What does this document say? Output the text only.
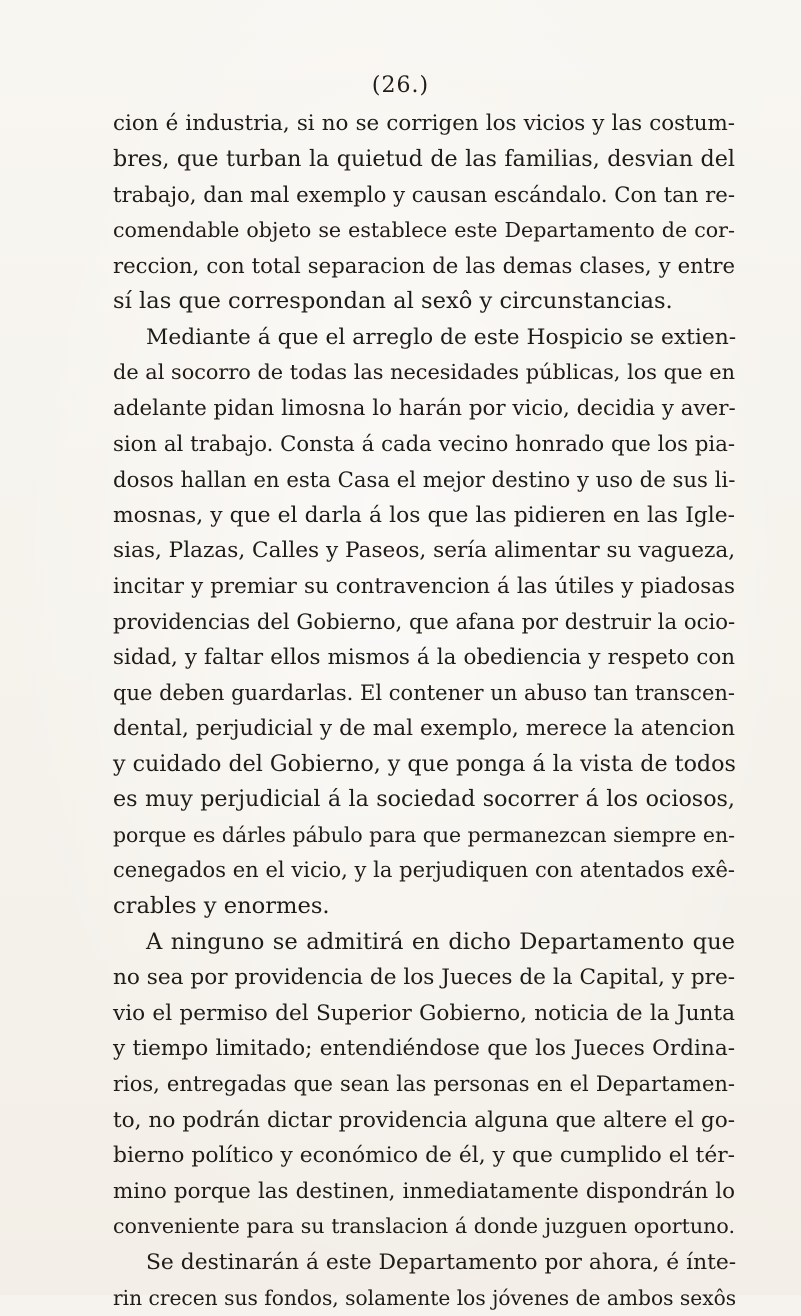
(26.)
cion é industria, si no se corrigen los vicios y las costum-
bres, que turban la quietud de las familias, desvian del
trabajo, dan mal exemplo y causan escándalo. Con tan re-
comendable objeto se establece este Departamento de cor-
reccion, con total separacion de las demas clases, y entre
sí las que correspondan al sexô y circunstancias.
Mediante á que el arreglo de este Hospicio se extien-
de al socorro de todas las necesidades públicas, los que en
adelante pidan limosna lo harán por vicio, decidia y aver-
sion al trabajo. Consta á cada vecino honrado que los pia-
dosos hallan en esta Casa el mejor destino y uso de sus li-
mosnas, y que el darla á los que las pidieren en las Igle-
sias, Plazas, Calles y Paseos, sería alimentar su vagueza,
incitar y premiar su contravencion á las útiles y piadosas
providencias del Gobierno, que afana por destruir la ocio-
sidad, y faltar ellos mismos á la obediencia y respeto con
que deben guardarlas. El contener un abuso tan transcen-
dental, perjudicial y de mal exemplo, merece la atencion
y cuidado del Gobierno, y que ponga á la vista de todos
es muy perjudicial á la sociedad socorrer á los ociosos,
porque es dárles pábulo para que permanezcan siempre en-
cenegados en el vicio, y la perjudiquen con atentados exê-
crables y enormes.
A ninguno se admitirá en dicho Departamento que
no sea por providencia de los Jueces de la Capital, y pre-
vio el permiso del Superior Gobierno, noticia de la Junta
y tiempo limitado; entendiéndose que los Jueces Ordina-
rios, entregadas que sean las personas en el Departamen-
to, no podrán dictar providencia alguna que altere el go-
bierno político y económico de él, y que cumplido el tér-
mino porque las destinen, inmediatamente dispondrán lo
conveniente para su translacion á donde juzguen oportuno.
Se destinarán á este Departamento por ahora, é ínte-
rin crecen sus fondos, solamente los jóvenes de ambos sexôs
